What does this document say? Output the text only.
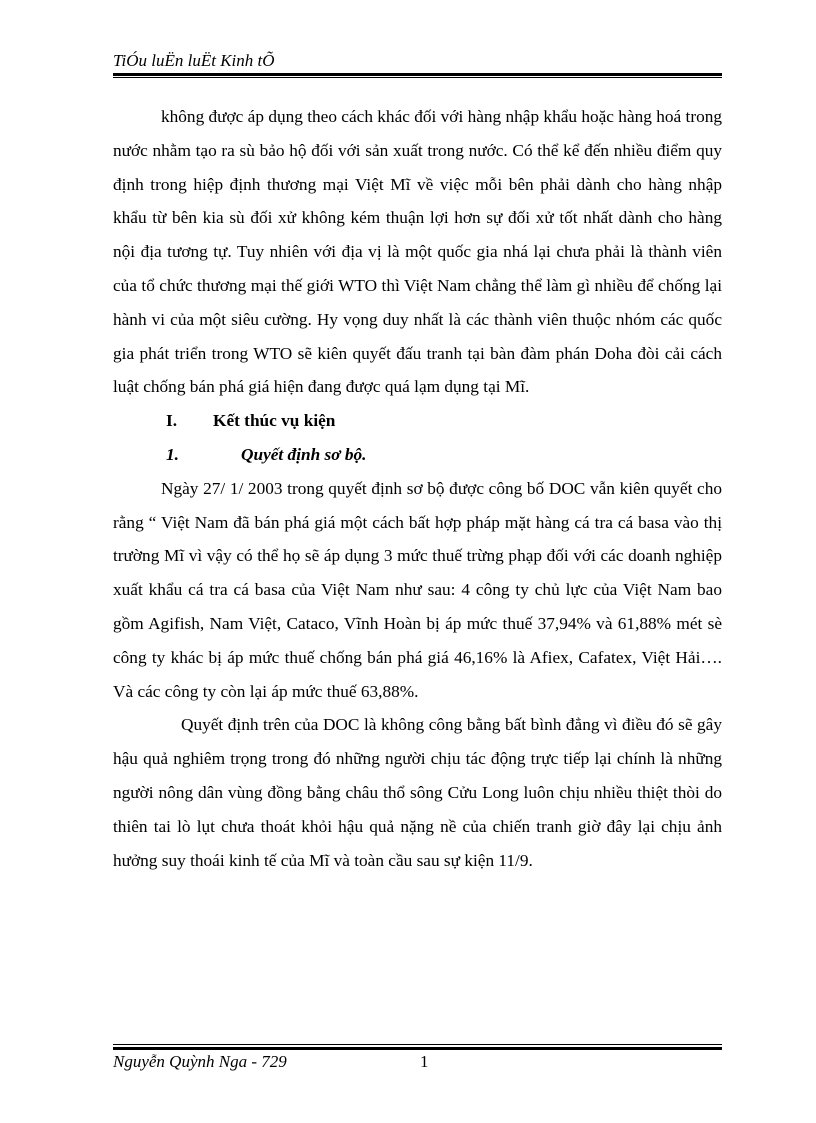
TiÓu luËn luËt Kinh tÕ

không được áp dụng theo cách khác đối với hàng nhập khẩu hoặc hàng hoá trong nước nhằm tạo ra sù bảo hộ đối với sản xuất trong nước. Có thể kể đến nhiều điểm quy định trong hiệp định thương mại Việt Mĩ về việc mỗi bên phải dành cho hàng nhập khẩu từ bên kia sù đối xử không kém thuận lợi hơn sự đối xử tốt nhất dành cho hàng nội địa tương tự. Tuy nhiên với địa vị là một quốc gia nhá lại chưa phải là thành viên của tổ chức thương mại thế giới WTO thì Việt Nam chẳng thể làm gì nhiều để chống lại hành vi của một siêu cường. Hy vọng duy nhất là các thành viên thuộc nhóm các quốc gia phát triển trong WTO sẽ kiên quyết đấu tranh tại bàn đàm phán Doha đòi cải cách luật chống bán phá giá hiện đang được quá lạm dụng tại Mĩ.

I. Kết thúc vụ kiện
1.	Quyết định sơ bộ.

Ngày 27/ 1/ 2003 trong quyết định sơ bộ được công bố DOC vẫn kiên quyết cho rằng “ Việt Nam đã bán phá giá một cách bất hợp pháp mặt hàng cá tra cá basa vào thị trường Mĩ vì vậy có thể họ sẽ áp dụng 3 mức thuế trừng phạp đối với các doanh nghiệp xuất khẩu cá tra cá basa của Việt Nam như sau: 4 công ty chủ lực của Việt Nam bao gồm Agifish, Nam Việt, Cataco, Vĩnh Hoàn bị áp mức thuế 37,94% và 61,88% mét sè công ty khác bị áp mức thuế chống bán phá giá 46,16% là Afiex, Cafatex, Việt Hải…. Và các công ty còn lại áp mức thuế 63,88%.

Quyết định trên của DOC là không công bằng bất bình đẳng vì điều đó sẽ gây hậu quả nghiêm trọng trong đó những người chịu tác động trực tiếp lại chính là những người nông dân vùng đồng bằng châu thổ sông Cửu Long luôn chịu nhiều thiệt thòi do thiên tai lò lụt chưa thoát khỏi hậu quả nặng nề của chiến tranh giờ đây lại chịu ảnh hưởng suy thoái kinh tế của Mĩ và toàn cầu sau sự kiện 11/9.

Nguyễn Quỳnh Nga - 729	1
